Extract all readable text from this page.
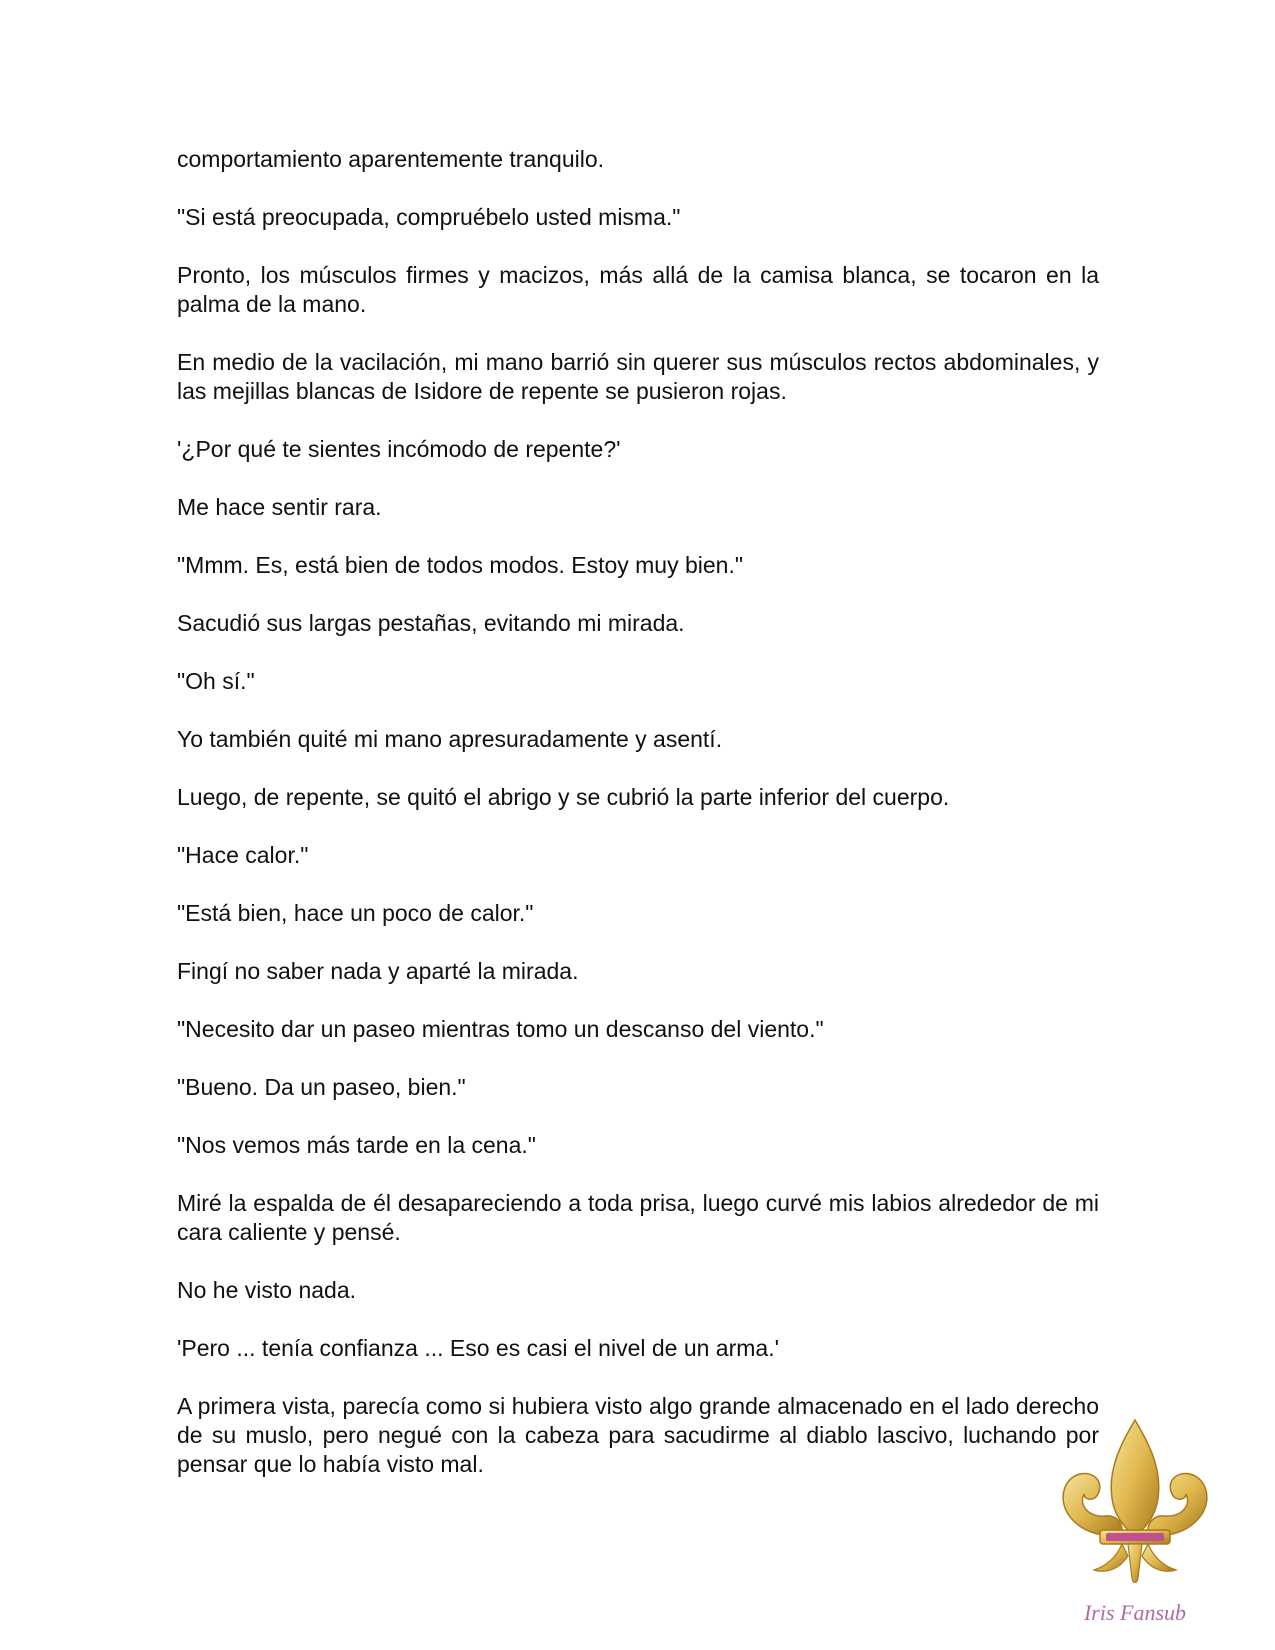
comportamiento aparentemente tranquilo.

"Si está preocupada, compruébelo usted misma."

Pronto, los músculos firmes y macizos, más allá de la camisa blanca, se tocaron en la palma de la mano.

En medio de la vacilación, mi mano barrió sin querer sus músculos rectos abdominales, y las mejillas blancas de Isidore de repente se pusieron rojas.

'¿Por qué te sientes incómodo de repente?'

Me hace sentir rara.

"Mmm. Es, está bien de todos modos. Estoy muy bien."

Sacudió sus largas pestañas, evitando mi mirada.

"Oh sí."

Yo también quité mi mano apresuradamente y asentí.

Luego, de repente, se quitó el abrigo y se cubrió la parte inferior del cuerpo.

"Hace calor."

"Está bien, hace un poco de calor."

Fingí no saber nada y aparté la mirada.

"Necesito dar un paseo mientras tomo un descanso del viento."

"Bueno. Da un paseo, bien."

"Nos vemos más tarde en la cena."

Miré la espalda de él desapareciendo a toda prisa, luego curvé mis labios alrededor de mi cara caliente y pensé.

No he visto nada.

'Pero ... tenía confianza ... Eso es casi el nivel de un arma.'

A primera vista, parecía como si hubiera visto algo grande almacenado en el lado derecho de su muslo, pero negué con la cabeza para sacudirme al diablo lascivo, luchando por pensar que lo había visto mal.

Iris Fansub
